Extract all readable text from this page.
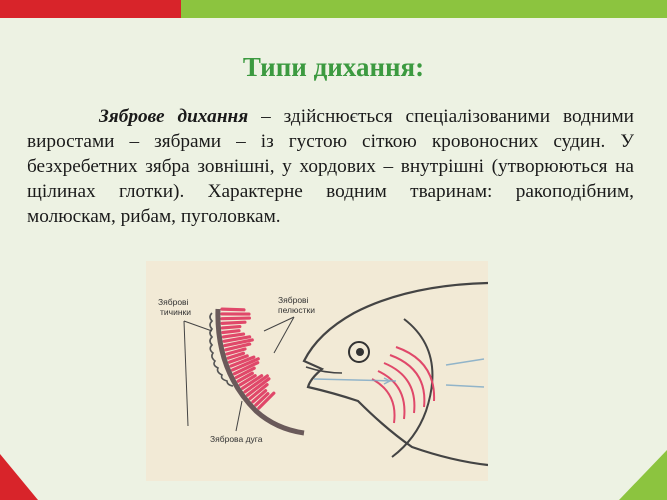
Типи дихання:
Зяброве дихання – здійснюється спеціалізованими водними виростами – зябрами – із густою сіткою кровоносних судин. У безхребетних зябра зовнішні, у хордових – внутрішні (утворюються на щілинах глотки). Характерне водним тваринам: ракоподібним, молюскам, рибам, пуголовкам.
Зяброві
тичинки
Зяброві
пелюстки
Зяброва дуга
